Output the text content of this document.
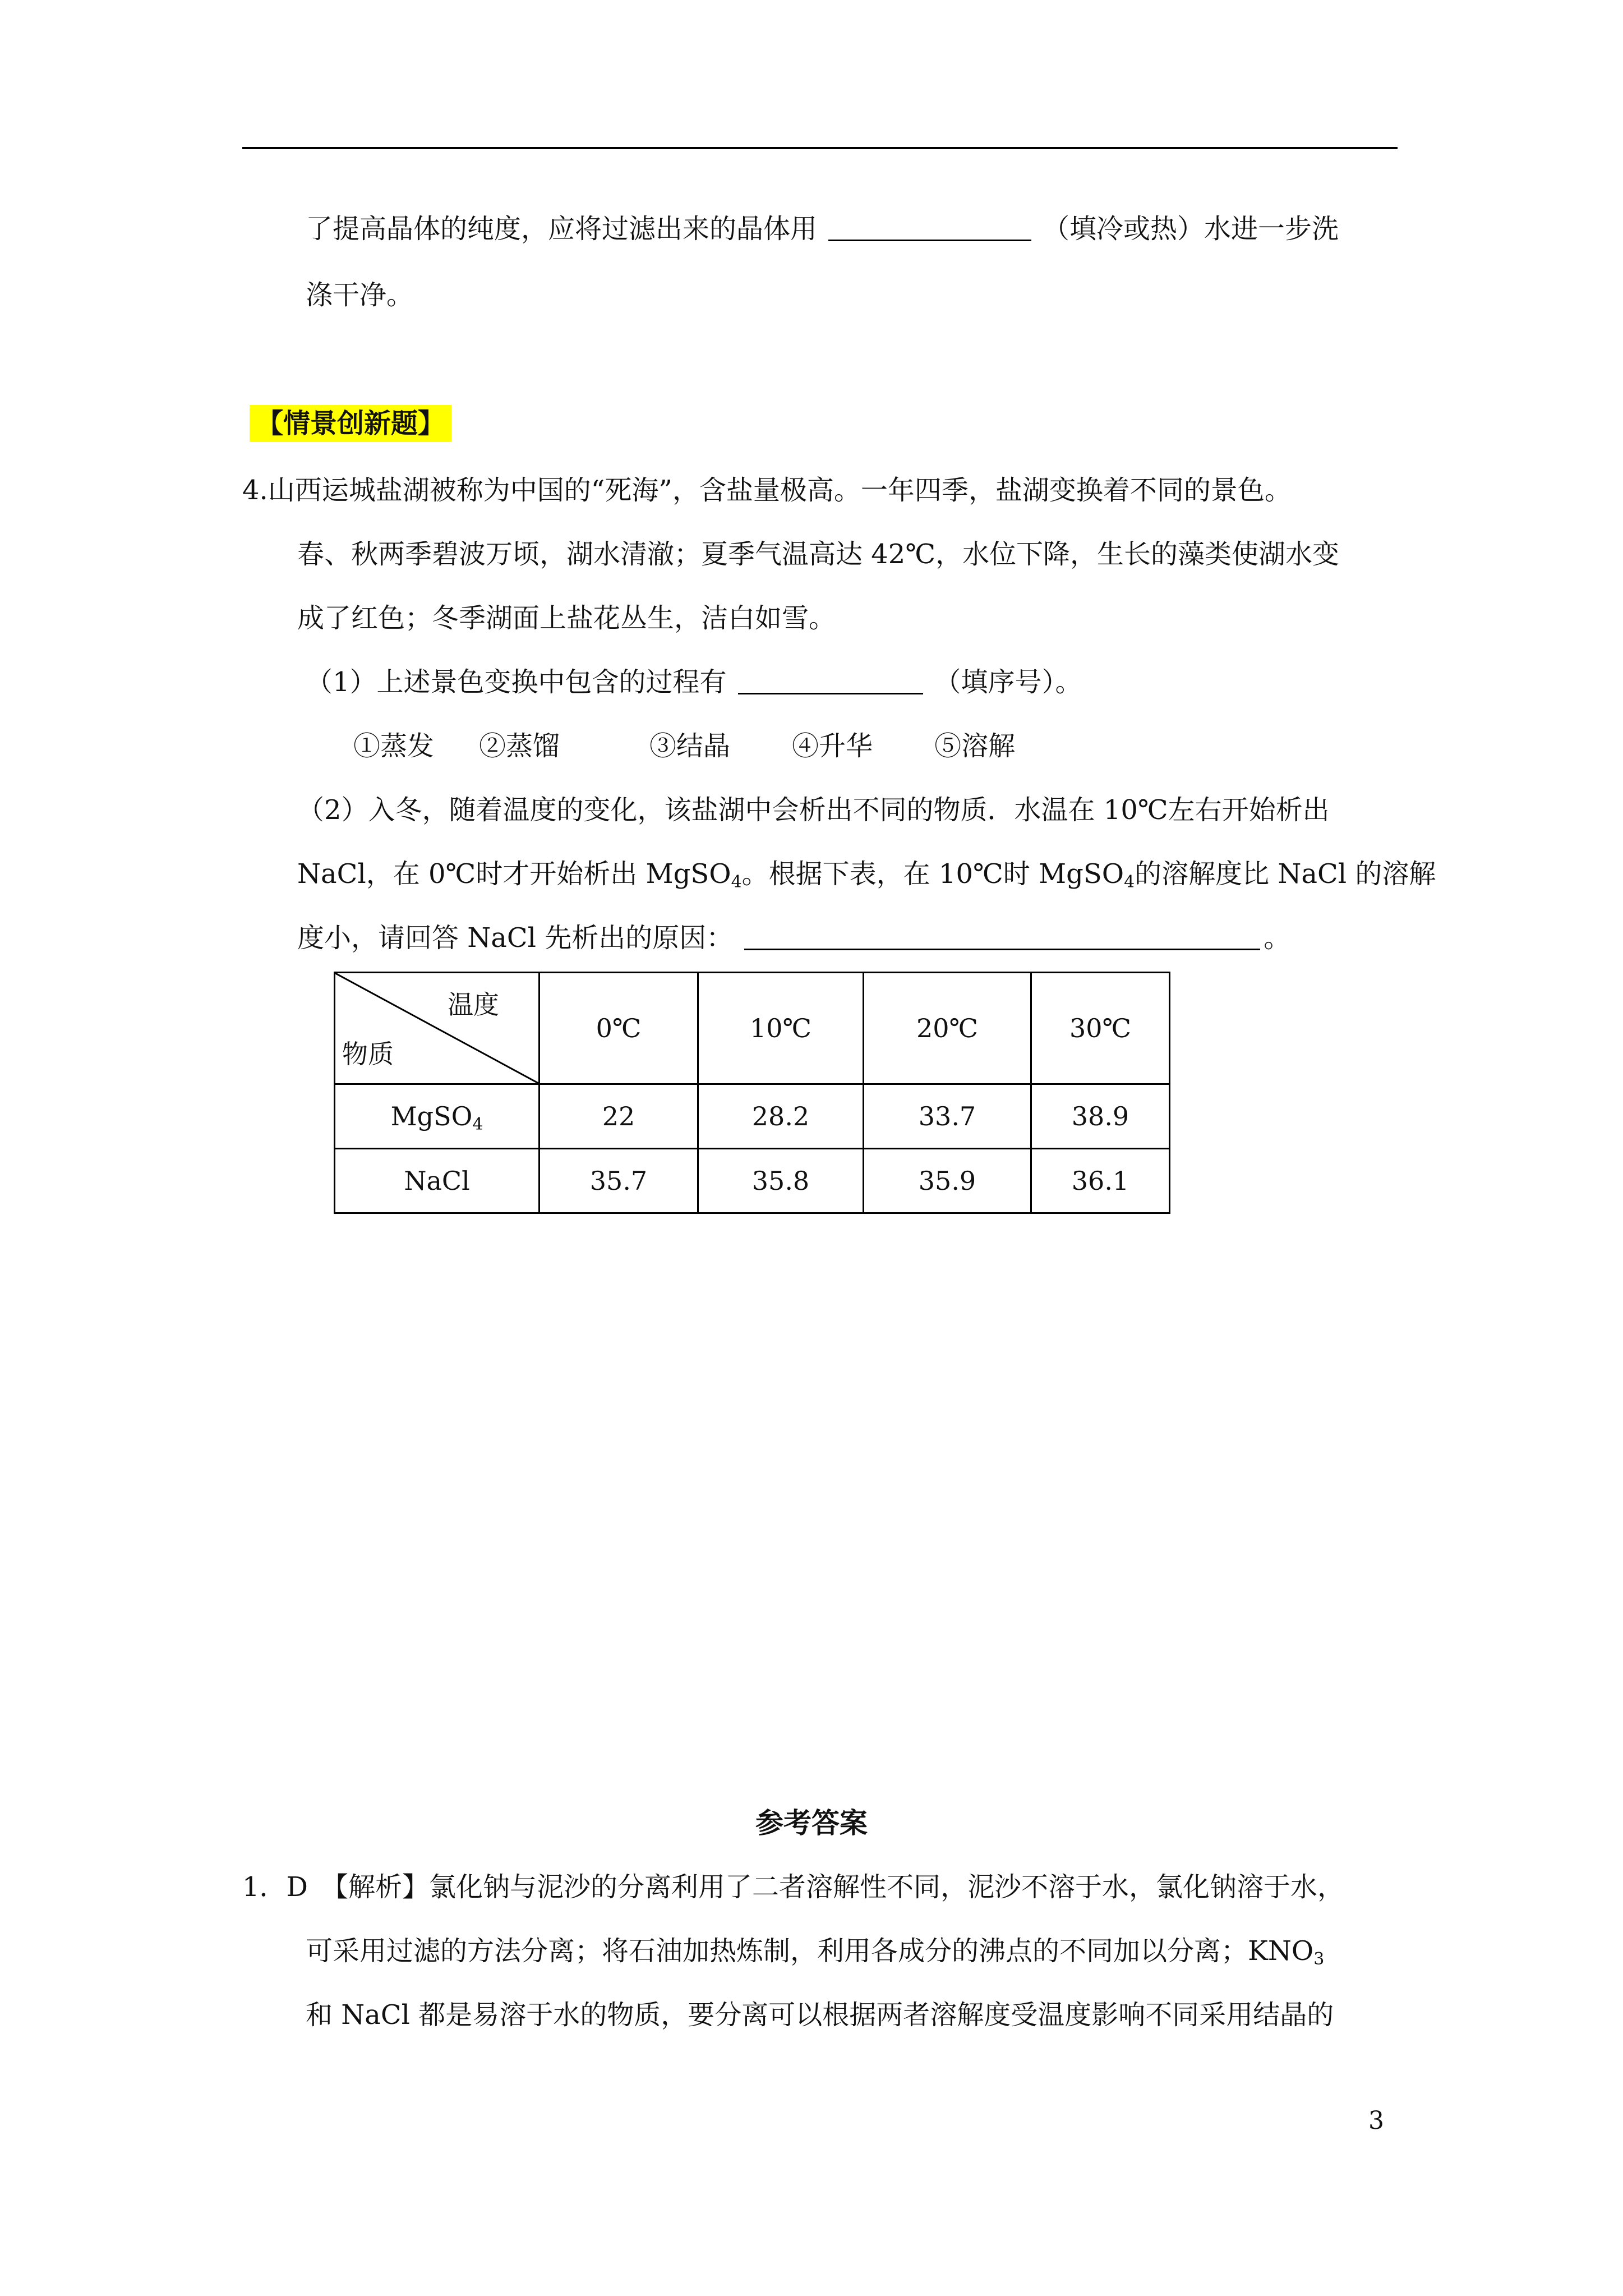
了提高晶体的纯度，应将过滤出来的晶体用	（填冷或热）水进一步洗
涤干净。
【情景创新题】
4.山西运城盐湖被称为中国的“死海”，含盐量极高。一年四季，盐湖变换着不同的景色。
春、秋两季碧波万顷，湖水清澈；夏季气温高达 42℃，水位下降，生长的藻类使湖水变
成了红色；冬季湖面上盐花丛生，洁白如雪。
（1）上述景色变换中包含的过程有	（填序号）。
①蒸发 ②蒸馏	③结晶 ④升华 ⑤溶解
（2）入冬，随着温度的变化，该盐湖中会析出不同的物质．水温在 10℃左右开始析出
NaCl，在 0℃时才开始析出 MgSO$_4$。根据下表，在 10℃时 MgSO$_4$的溶解度比 NaCl 的溶解
度小，请回答 NaCl 先析出的原因：	。
温度
物质	0℃	10℃	20℃	30℃
MgSO$_4$	22	28.2	33.7	38.9
NaCl	35.7	35.8	35.9	36.1
参考答案
1．D　【解析】氯化钠与泥沙的分离利用了二者溶解性不同，泥沙不溶于水，氯化钠溶于水，
可采用过滤的方法分离；将石油加热炼制，利用各成分的沸点的不同加以分离；$KNO_3$
和 NaCl 都是易溶于水的物质，要分离可以根据两者溶解度受温度影响不同采用结晶的
3
